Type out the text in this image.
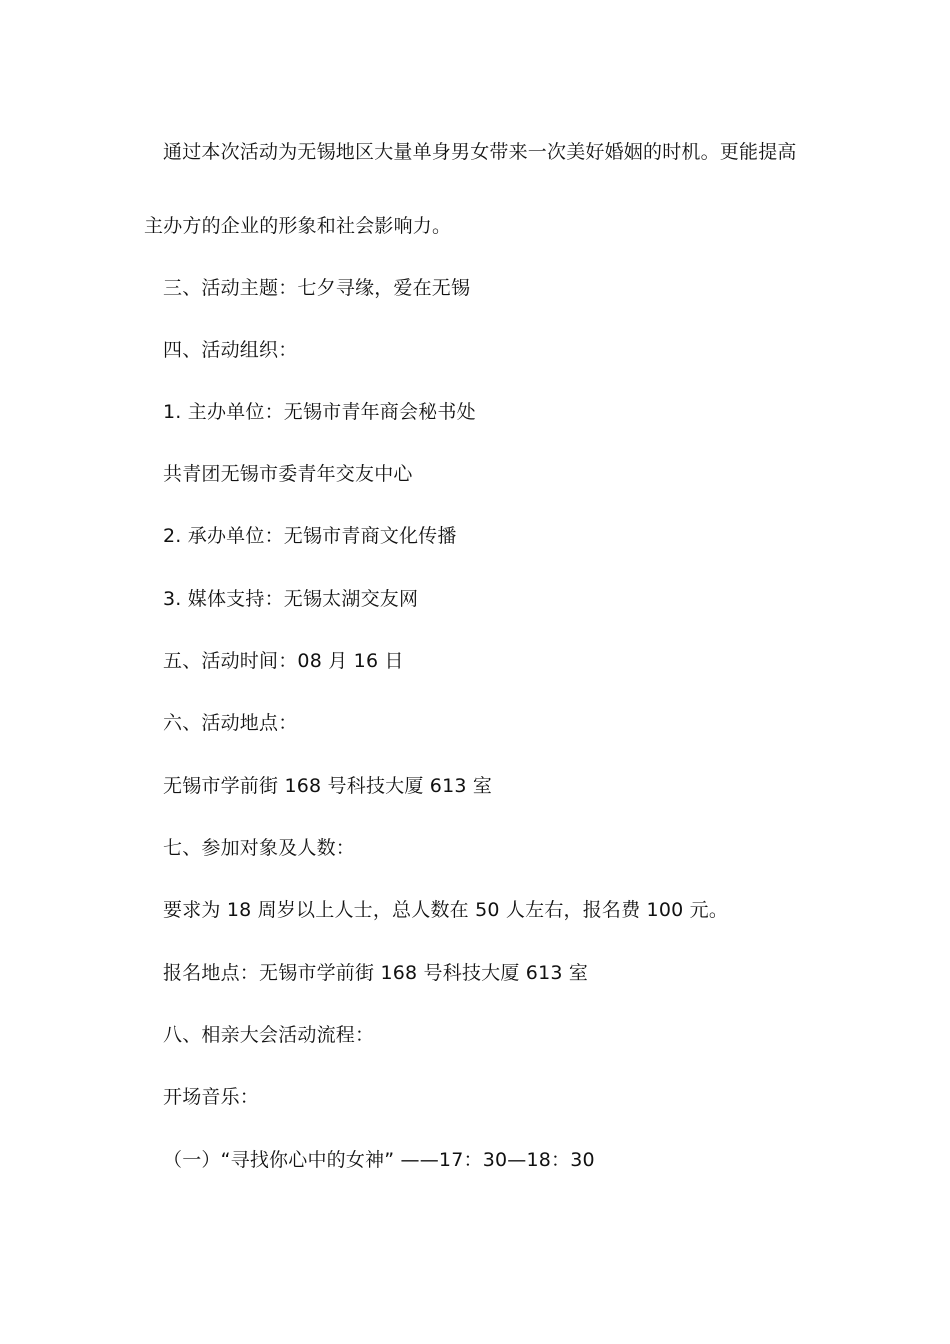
通过本次活动为无锡地区大量单身男女带来一次美好婚姻的时机。更能提高
主办方的企业的形象和社会影响力。
三、活动主题：七夕寻缘，爱在无锡
四、活动组织：
1. 主办单位：无锡市青年商会秘书处
共青团无锡市委青年交友中心
2. 承办单位：无锡市青商文化传播
3. 媒体支持：无锡太湖交友网
五、活动时间：08 月 16 日
六、活动地点：
无锡市学前街 168 号科技大厦 613 室
七、参加对象及人数：
要求为 18 周岁以上人士，总人数在 50 人左右，报名费 100 元。
报名地点：无锡市学前街 168 号科技大厦 613 室
八、相亲大会活动流程：
开场音乐：
（一）“寻找你心中的女神” ——17：30—18：30
